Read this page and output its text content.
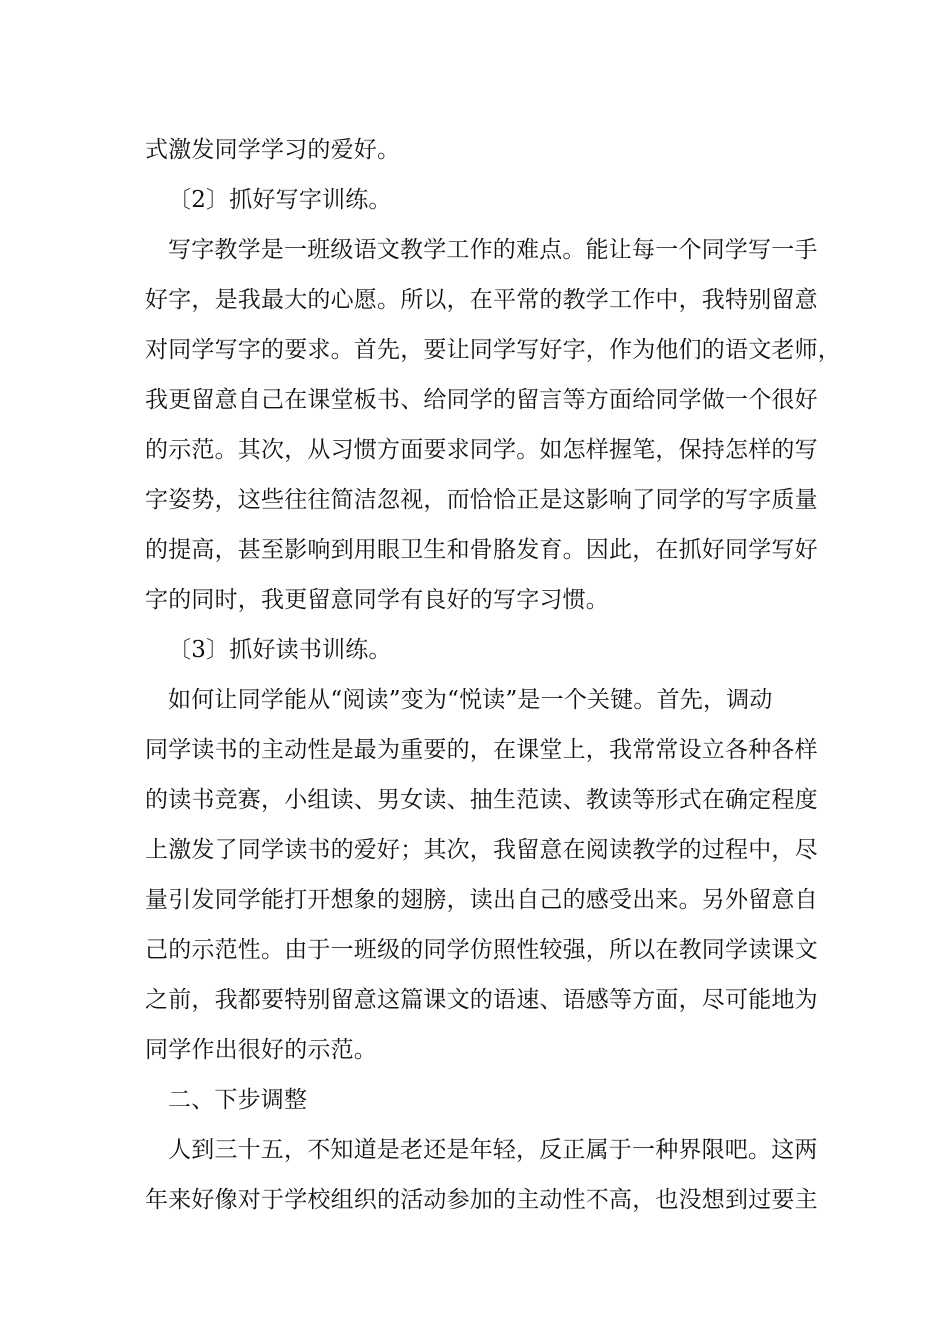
式激发同学学习的爱好。
〔2〕抓好写字训练。
写字教学是一班级语文教学工作的难点。能让每一个同学写一手
好字，是我最大的心愿。所以，在平常的教学工作中，我特别留意
对同学写字的要求。首先，要让同学写好字，作为他们的语文老师，
我更留意自己在课堂板书、给同学的留言等方面给同学做一个很好
的示范。其次，从习惯方面要求同学。如怎样握笔，保持怎样的写
字姿势，这些往往简洁忽视，而恰恰正是这影响了同学的写字质量
的提高，甚至影响到用眼卫生和骨胳发育。因此，在抓好同学写好
字的同时，我更留意同学有良好的写字习惯。
〔3〕抓好读书训练。
如何让同学能从“阅读”变为“悦读”是一个关键。首先，调动
同学读书的主动性是最为重要的，在课堂上，我常常设立各种各样
的读书竞赛，小组读、男女读、抽生范读、教读等形式在确定程度
上激发了同学读书的爱好；其次，我留意在阅读教学的过程中，尽
量引发同学能打开想象的翅膀，读出自己的感受出来。另外留意自
己的示范性。由于一班级的同学仿照性较强，所以在教同学读课文
之前，我都要特别留意这篇课文的语速、语感等方面，尽可能地为
同学作出很好的示范。
二、下步调整
人到三十五，不知道是老还是年轻，反正属于一种界限吧。这两
年来好像对于学校组织的活动参加的主动性不高，也没想到过要主
